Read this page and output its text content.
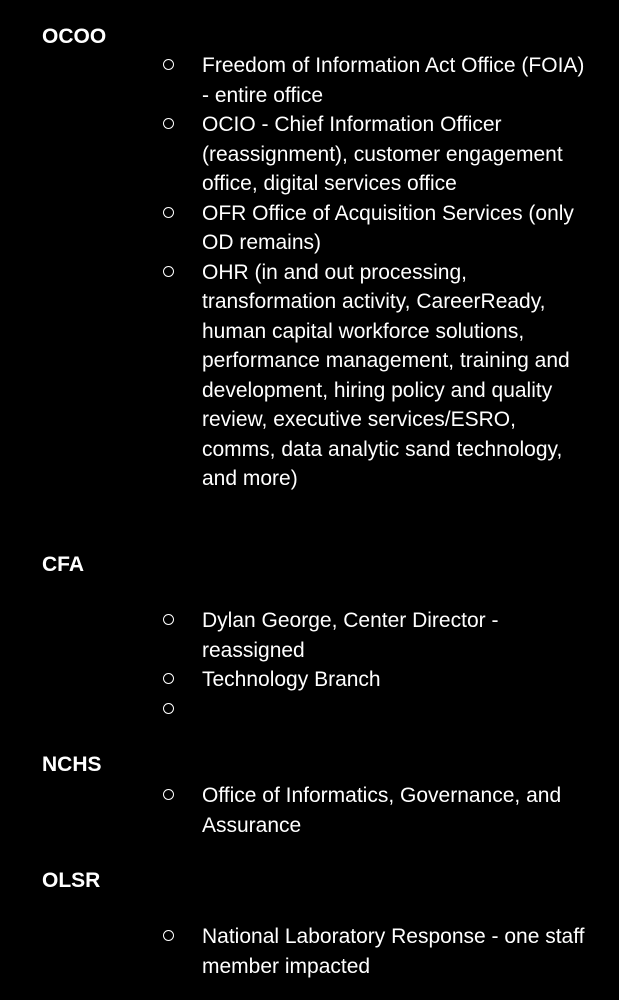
OCOO
Freedom of Information Act Office (FOIA) - entire office
OCIO - Chief Information Officer (reassignment), customer engagement office, digital services office
OFR Office of Acquisition Services (only OD remains)
OHR (in and out processing, transformation activity, CareerReady, human capital workforce solutions, performance management, training and development, hiring policy and quality review, executive services/ESRO, comms, data analytic sand technology, and more)
CFA
Dylan George, Center Director - reassigned
Technology Branch
NCHS
Office of Informatics, Governance, and Assurance
OLSR
National Laboratory Response - one staff member impacted
